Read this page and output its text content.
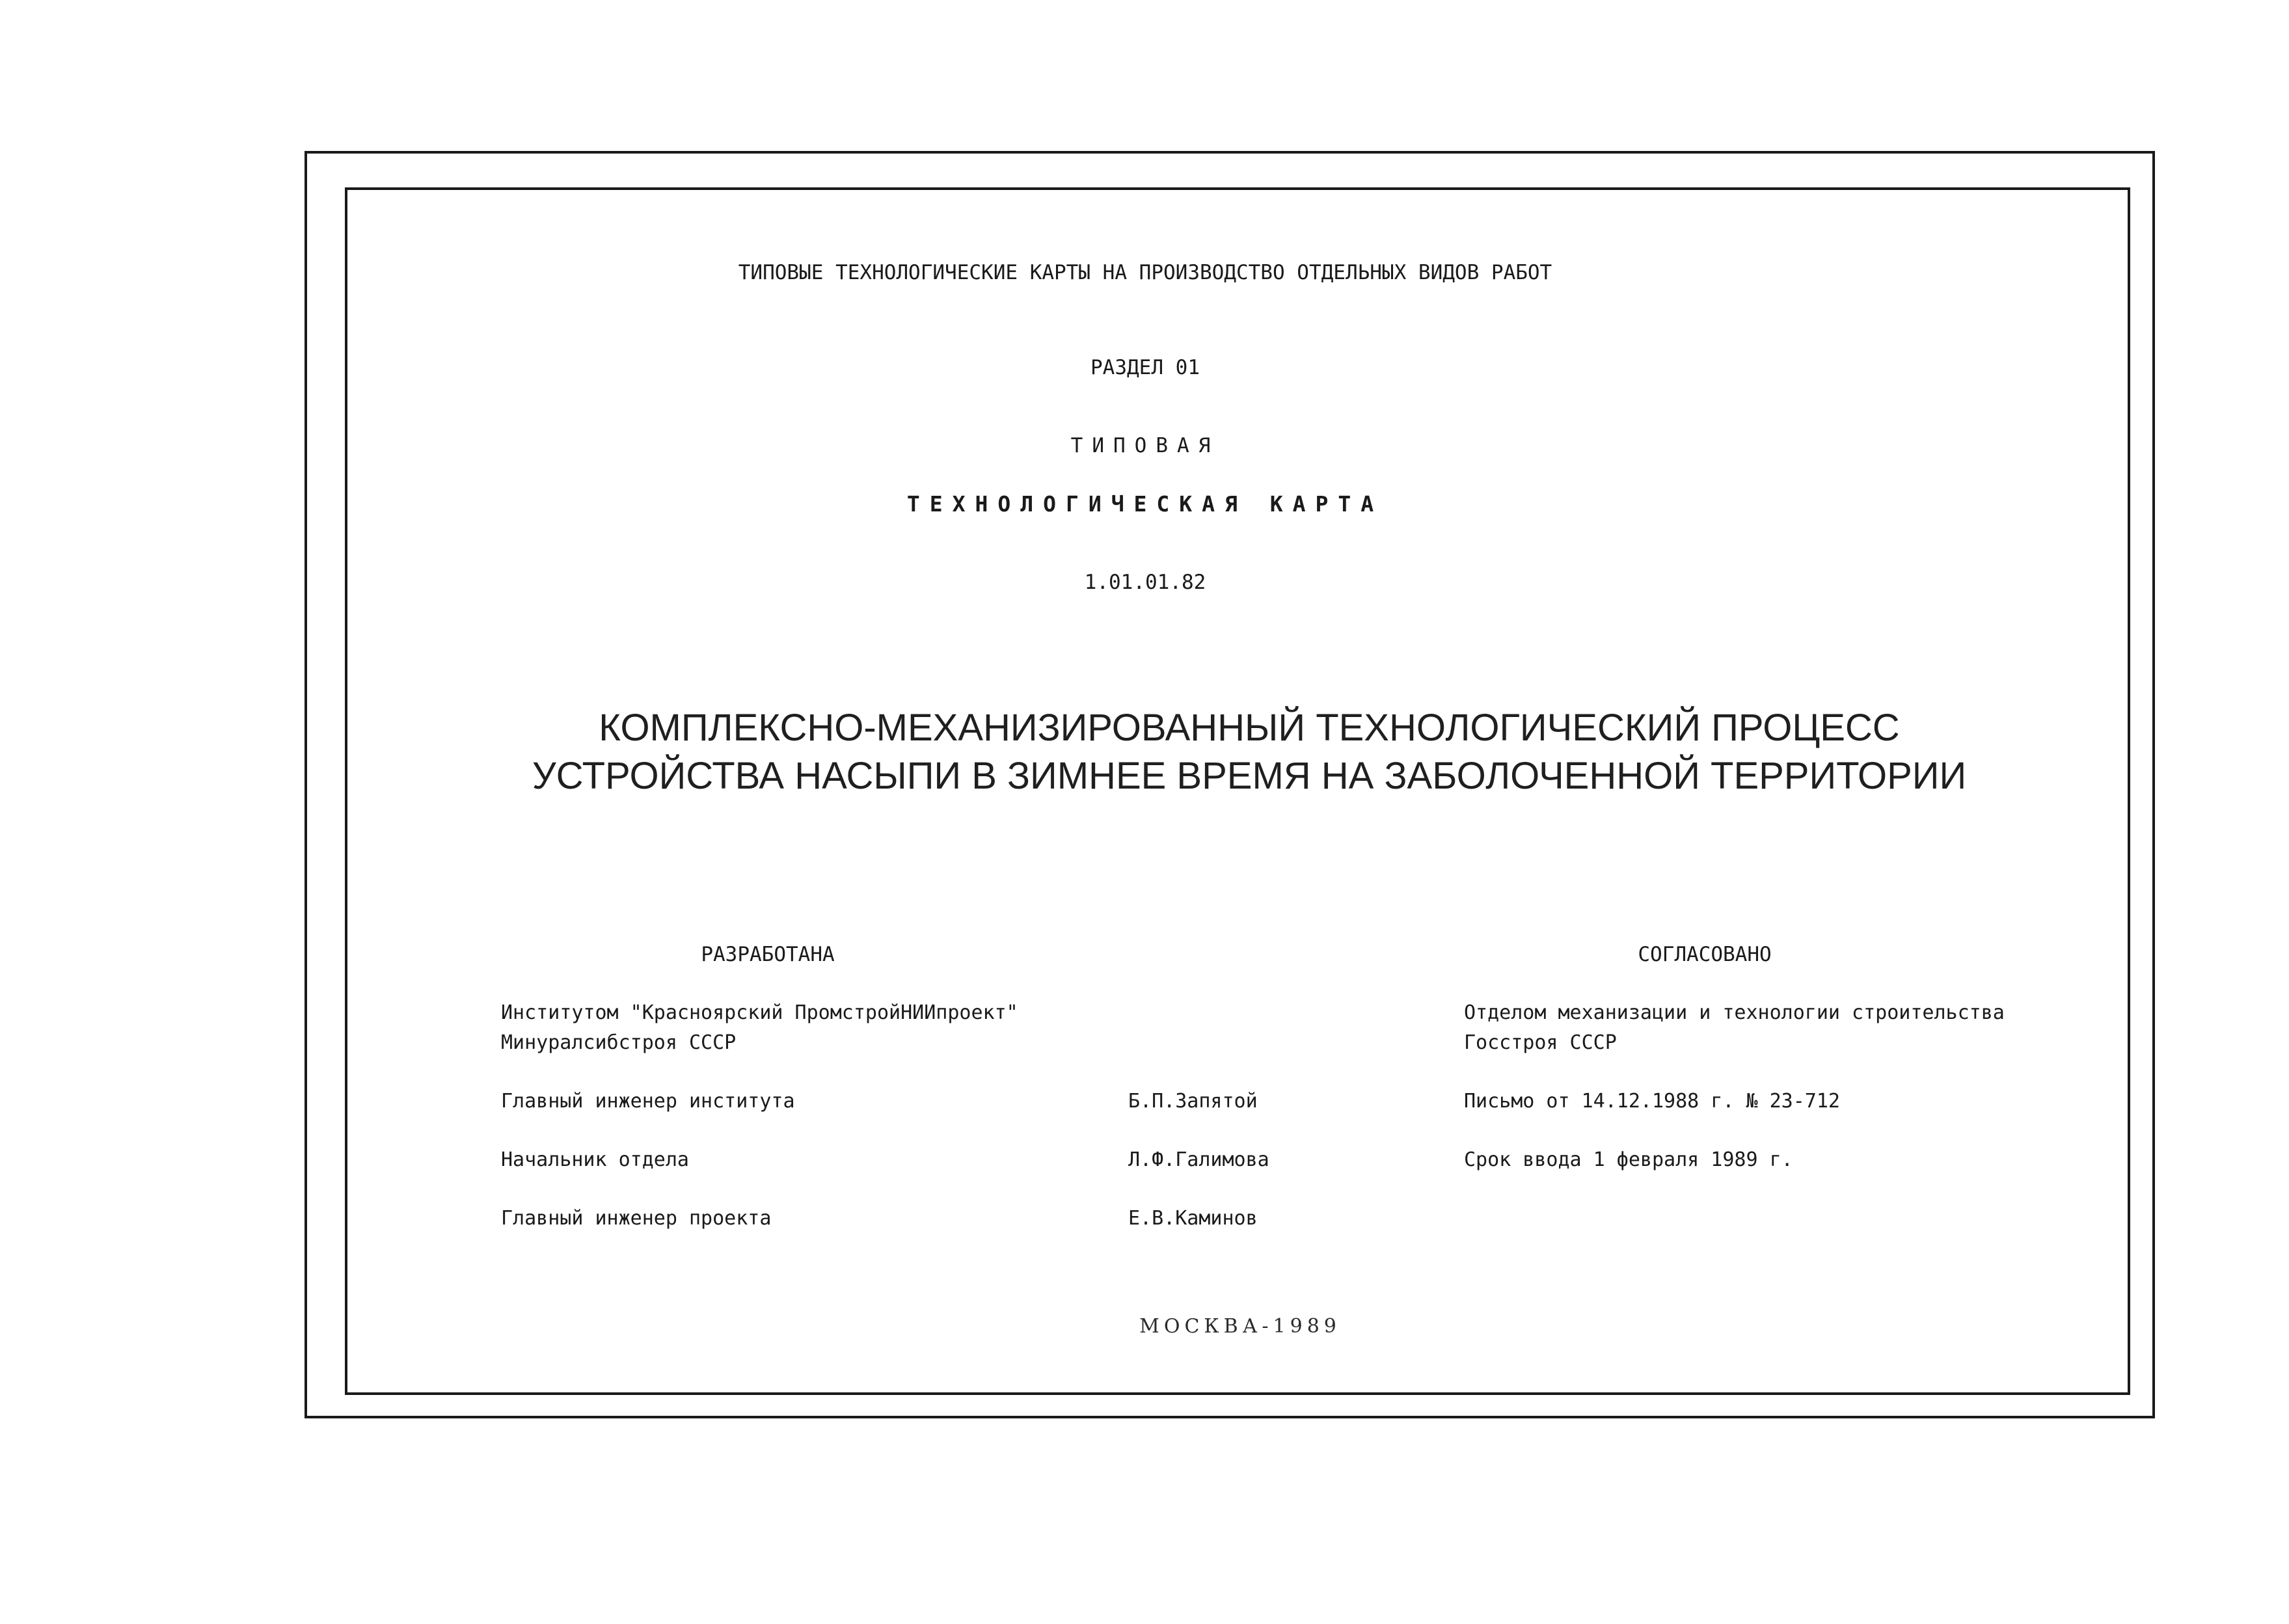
ТИПОВЫЕ ТЕХНОЛОГИЧЕСКИЕ КАРТЫ НА ПРОИЗВОДСТВО ОТДЕЛЬНЫХ ВИДОВ РАБОТ
РАЗДЕЛ 01
ТИПОВАЯ
ТЕХНОЛОГИЧЕСКАЯ КАРТА
1.01.01.82
КОМПЛЕКСНО-МЕХАНИЗИРОВАННЫЙ ТЕХНОЛОГИЧЕСКИЙ ПРОЦЕСС
УСТРОЙСТВА НАСЫПИ В ЗИМНЕЕ ВРЕМЯ НА ЗАБОЛОЧЕННОЙ ТЕРРИТОРИИ
РАЗРАБОТАНА
Институтом "Красноярский ПромстройНИИпроект"
Минуралсибстроя СССР
Главный инженер института	Б.П.Запятой
Начальник отдела	Л.Ф.Галимова
Главный инженер проекта	Е.В.Каминов
СОГЛАСОВАНО
Отделом механизации и технологии строительства
Госстроя СССР
Письмо от 14.12.1988 г. № 23-712
Срок ввода 1 февраля 1989 г.
МОСКВА-1989
